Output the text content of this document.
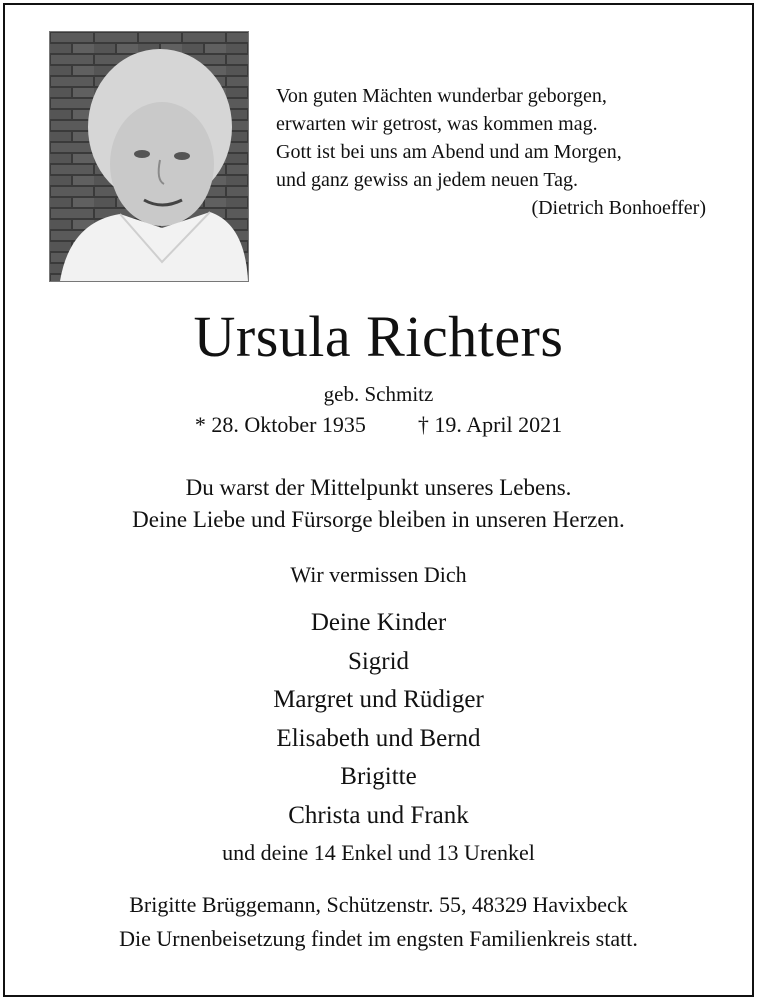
Von guten Mächten wunderbar geborgen,
erwarten wir getrost, was kommen mag.
Gott ist bei uns am Abend und am Morgen,
und ganz gewiss an jedem neuen Tag.
(Dietrich Bonhoeffer)
Ursula Richters
geb. Schmitz
* 28. Oktober 1935 † 19. April 2021
Du warst der Mittelpunkt unseres Lebens.
Deine Liebe und Fürsorge bleiben in unseren Herzen.
Wir vermissen Dich
Deine Kinder
Sigrid
Margret und Rüdiger
Elisabeth und Bernd
Brigitte
Christa und Frank
und deine 14 Enkel und 13 Urenkel
Brigitte Brüggemann, Schützenstr. 55, 48329 Havixbeck
Die Urnenbeisetzung findet im engsten Familienkreis statt.
